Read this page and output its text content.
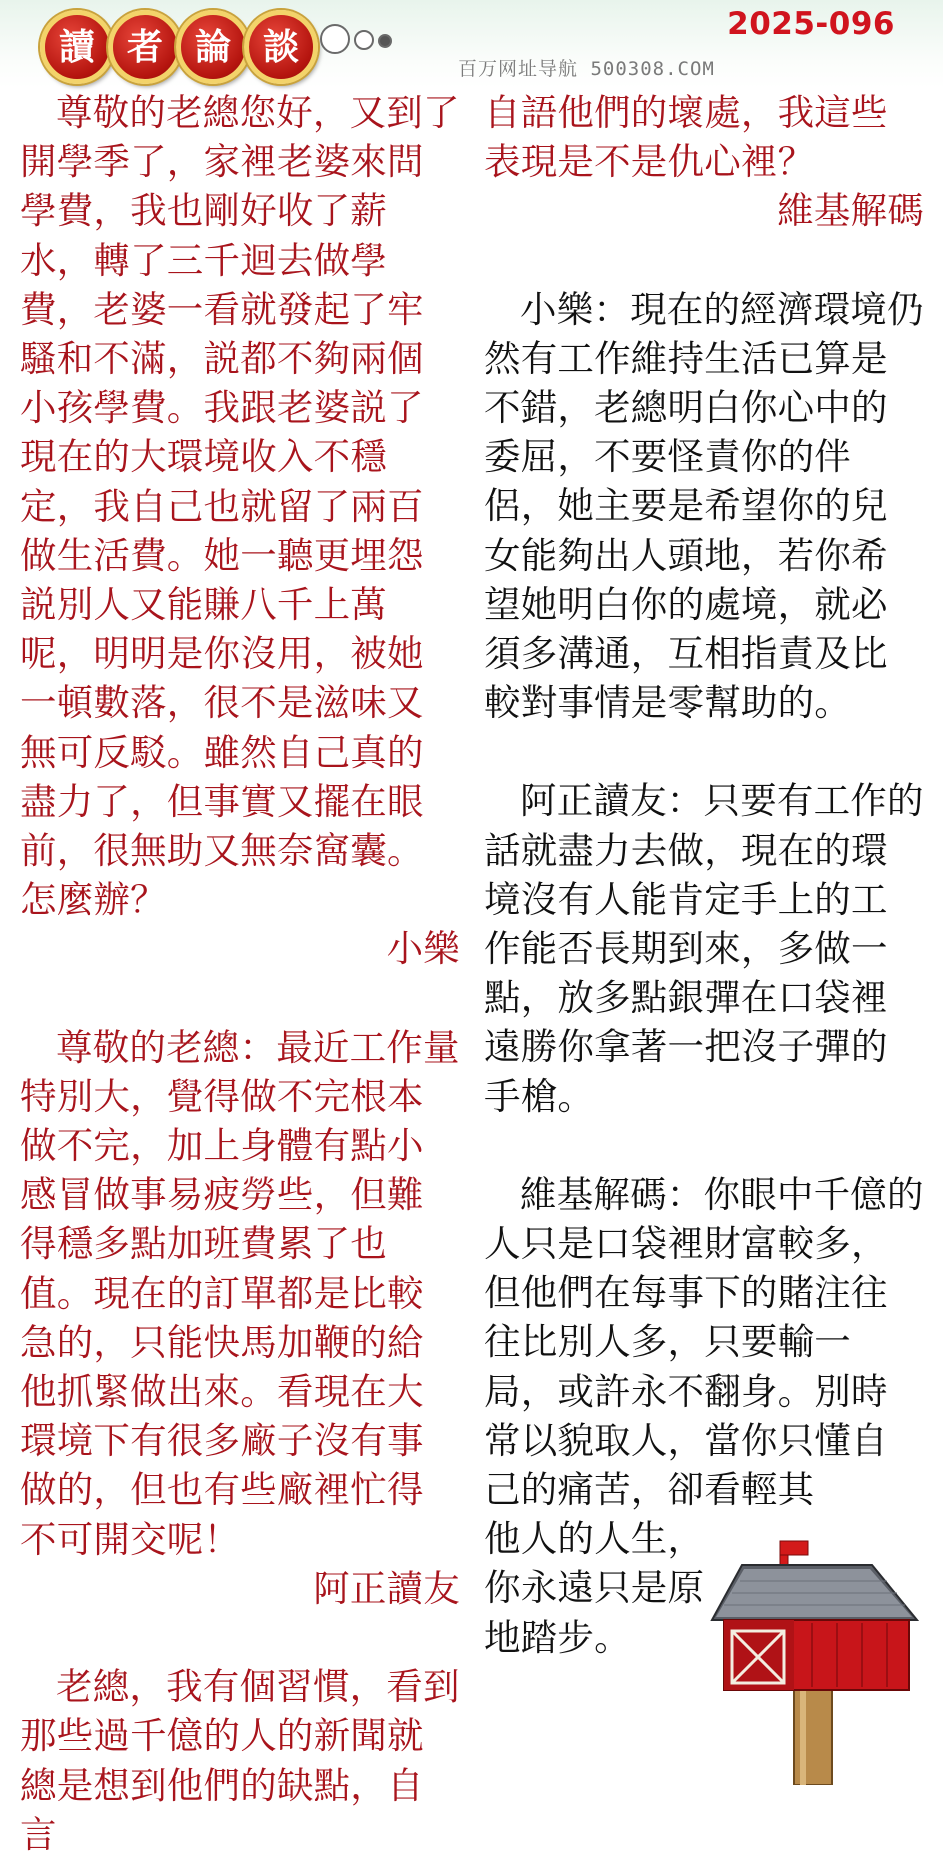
讀 者 論 談
2025-096
百万网址导航 500308.COM

尊敬的老總您好，又到了開學季了，家裡老婆來問學費，我也剛好收了薪水，轉了三千迴去做學費，老婆一看就發起了牢騷和不滿，説都不夠兩個小孩學費。我跟老婆説了現在的大環境收入不穩定，我自己也就留了兩百做生活費。她一聽更埋怨説別人又能賺八千上萬呢，明明是你沒用，被她一頓數落，很不是滋味又無可反駁。雖然自己真的盡力了，但事實又擺在眼前，很無助又無奈窩囊。怎麼辦？

小樂

尊敬的老總：最近工作量特別大，覺得做不完根本做不完，加上身體有點小感冒做事易疲勞些，但難得穩多點加班費累了也值。現在的訂單都是比較急的，只能快馬加鞭的給他抓緊做出來。看現在大環境下有很多廠子沒有事做的，但也有些廠裡忙得不可開交呢！

阿正讀友

老總，我有個習慣，看到那些過千億的人的新聞就總是想到他們的缺點，自言

自語他們的壞處，我這些表現是不是仇心裡？

維基解碼

小樂：現在的經濟環境仍然有工作維持生活已算是不錯，老總明白你心中的委屈，不要怪責你的伴侶，她主要是希望你的兒女能夠出人頭地，若你希望她明白你的處境，就必須多溝通，互相指責及比較對事情是零幫助的。

阿正讀友：只要有工作的話就盡力去做，現在的環境沒有人能肯定手上的工作能否長期到來，多做一點，放多點銀彈在口袋裡遠勝你拿著一把沒子彈的手槍。

維基解碼：你眼中千億的人只是口袋裡財富較多，但他們在每事下的賭注往往比別人多，只要輸一局，或許永不翻身。別時常以貌取人，當你只懂自己的痛苦，卻看輕其

他人的人生，你永遠只是原地踏步。
